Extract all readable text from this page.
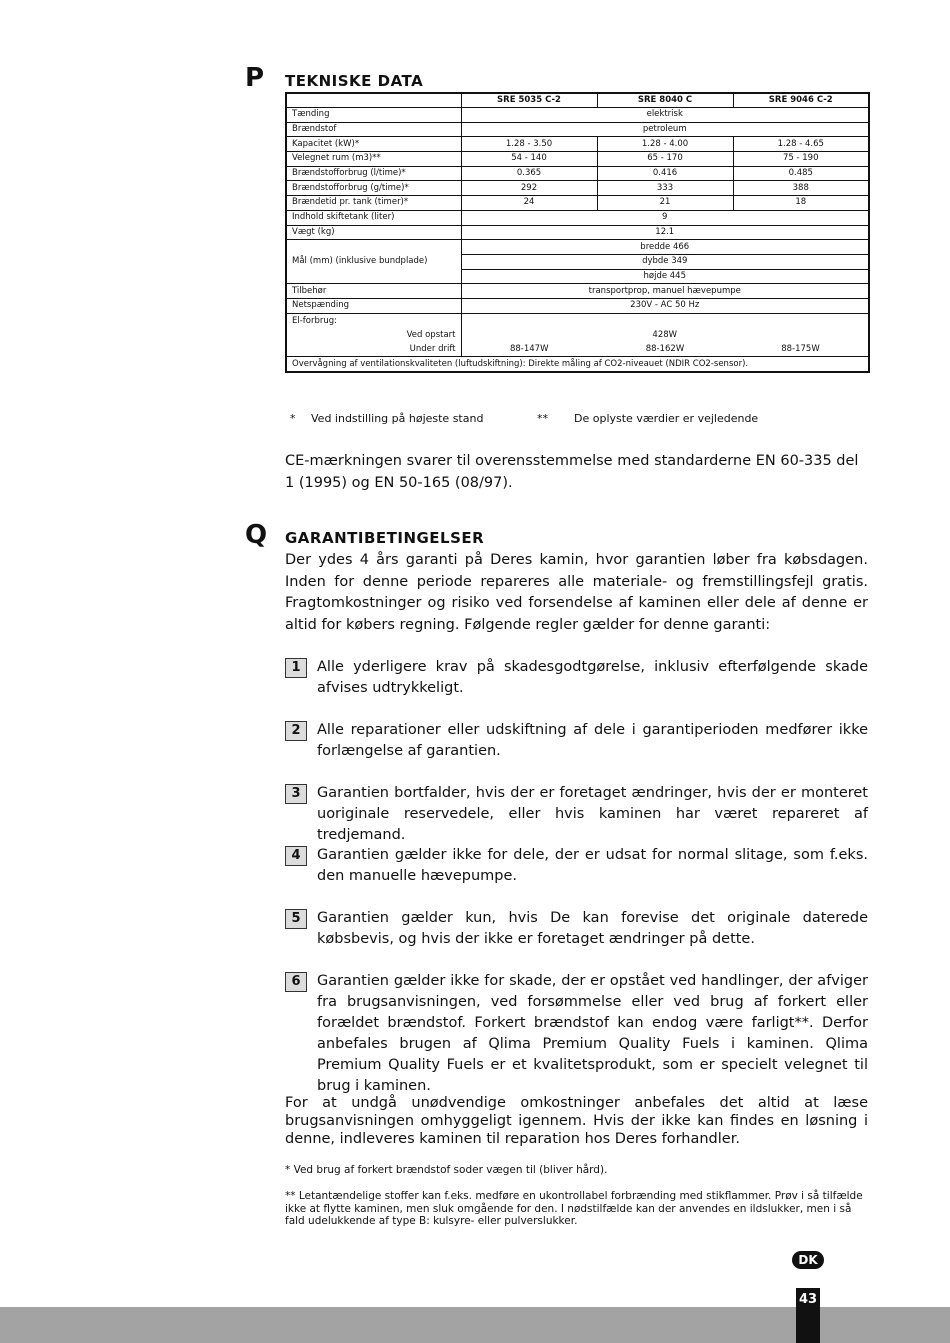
P TEKNISKE DATA
	SRE 5035 C-2	SRE 8040 C	SRE 9046 C-2
Tænding	elektrisk		
Brændstof	petroleum		
Kapacitet (kW)*	1.28 - 3.50	1.28 - 4.00	1.28 - 4.65
Velegnet rum (m3)**	54 - 140	65 - 170	75 - 190
Brændstofforbrug (l/time)*	0.365	0.416	0.485
Brændstofforbrug (g/time)*	292	333	388
Brændetid pr. tank (timer)*	24	21	18
Indhold skiftetank (liter)	9		
Vægt (kg)	12.1		
Mål (mm) (inklusive bundplade)	bredde 466		
	dybde 349		
	højde 445		
Tilbehør	transportprop, manuel hævepumpe		
Netspænding	230V - AC 50 Hz		
El-forbrug:			
Ved opstart	428W		
Under drift	88-147W	88-162W	88-175W
Overvågning af ventilationskvaliteten (luftudskiftning): Direkte måling af CO2-niveauet (NDIR CO2-sensor).			
* Ved indstilling på højeste stand	** De oplyste værdier er vejledende
CE-mærkningen svarer til overensstemmelse med standarderne EN 60-335 del 1 (1995) og EN 50-165 (08/97).
Q GARANTIBETINGELSER
Der ydes 4 års garanti på Deres kamin, hvor garantien løber fra købsdagen. Inden for denne periode repareres alle materiale- og fremstillingsfejl gratis. Fragtomkostninger og risiko ved forsendelse af kaminen eller dele af denne er altid for købers regning. Følgende regler gælder for denne garanti:
1	Alle yderligere krav på skadesgodtgørelse, inklusiv efterfølgende skade afvises udtrykkeligt.
2	Alle reparationer eller udskiftning af dele i garantiperioden medfører ikke forlængelse af garantien.
3	Garantien bortfalder, hvis der er foretaget ændringer, hvis der er monteret uoriginale reservedele, eller hvis kaminen har været repareret af tredjemand.
4	Garantien gælder ikke for dele, der er udsat for normal slitage, som f.eks. den manuelle hævepumpe.
5	Garantien gælder kun, hvis De kan forevise det originale daterede købsbevis, og hvis der ikke er foretaget ændringer på dette.
6	Garantien gælder ikke for skade, der er opstået ved handlinger, der afviger fra brugsanvisningen, ved forsømmelse eller ved brug af forkert eller forældet brændstof. Forkert brændstof kan endog være farligt**. Derfor anbefales brugen af Qlima Premium Quality Fuels i kaminen. Qlima Premium Quality Fuels er et kvalitetsprodukt, som er specielt velegnet til brug i kaminen.
For at undgå unødvendige omkostninger anbefales det altid at læse brugsanvisningen omhyggeligt igennem. Hvis der ikke kan findes en løsning i denne, indleveres kaminen til reparation hos Deres forhandler.
* Ved brug af forkert brændstof soder vægen til (bliver hård).
** Letantændelige stoffer kan f.eks. medføre en ukontrollabel forbrænding med stikflammer. Prøv i så tilfælde ikke at flytte kaminen, men sluk omgående for den. I nødstilfælde kan der anvendes en ildslukker, men i så fald udelukkende af type B: kulsyre- eller pulverslukker.
DK
43
